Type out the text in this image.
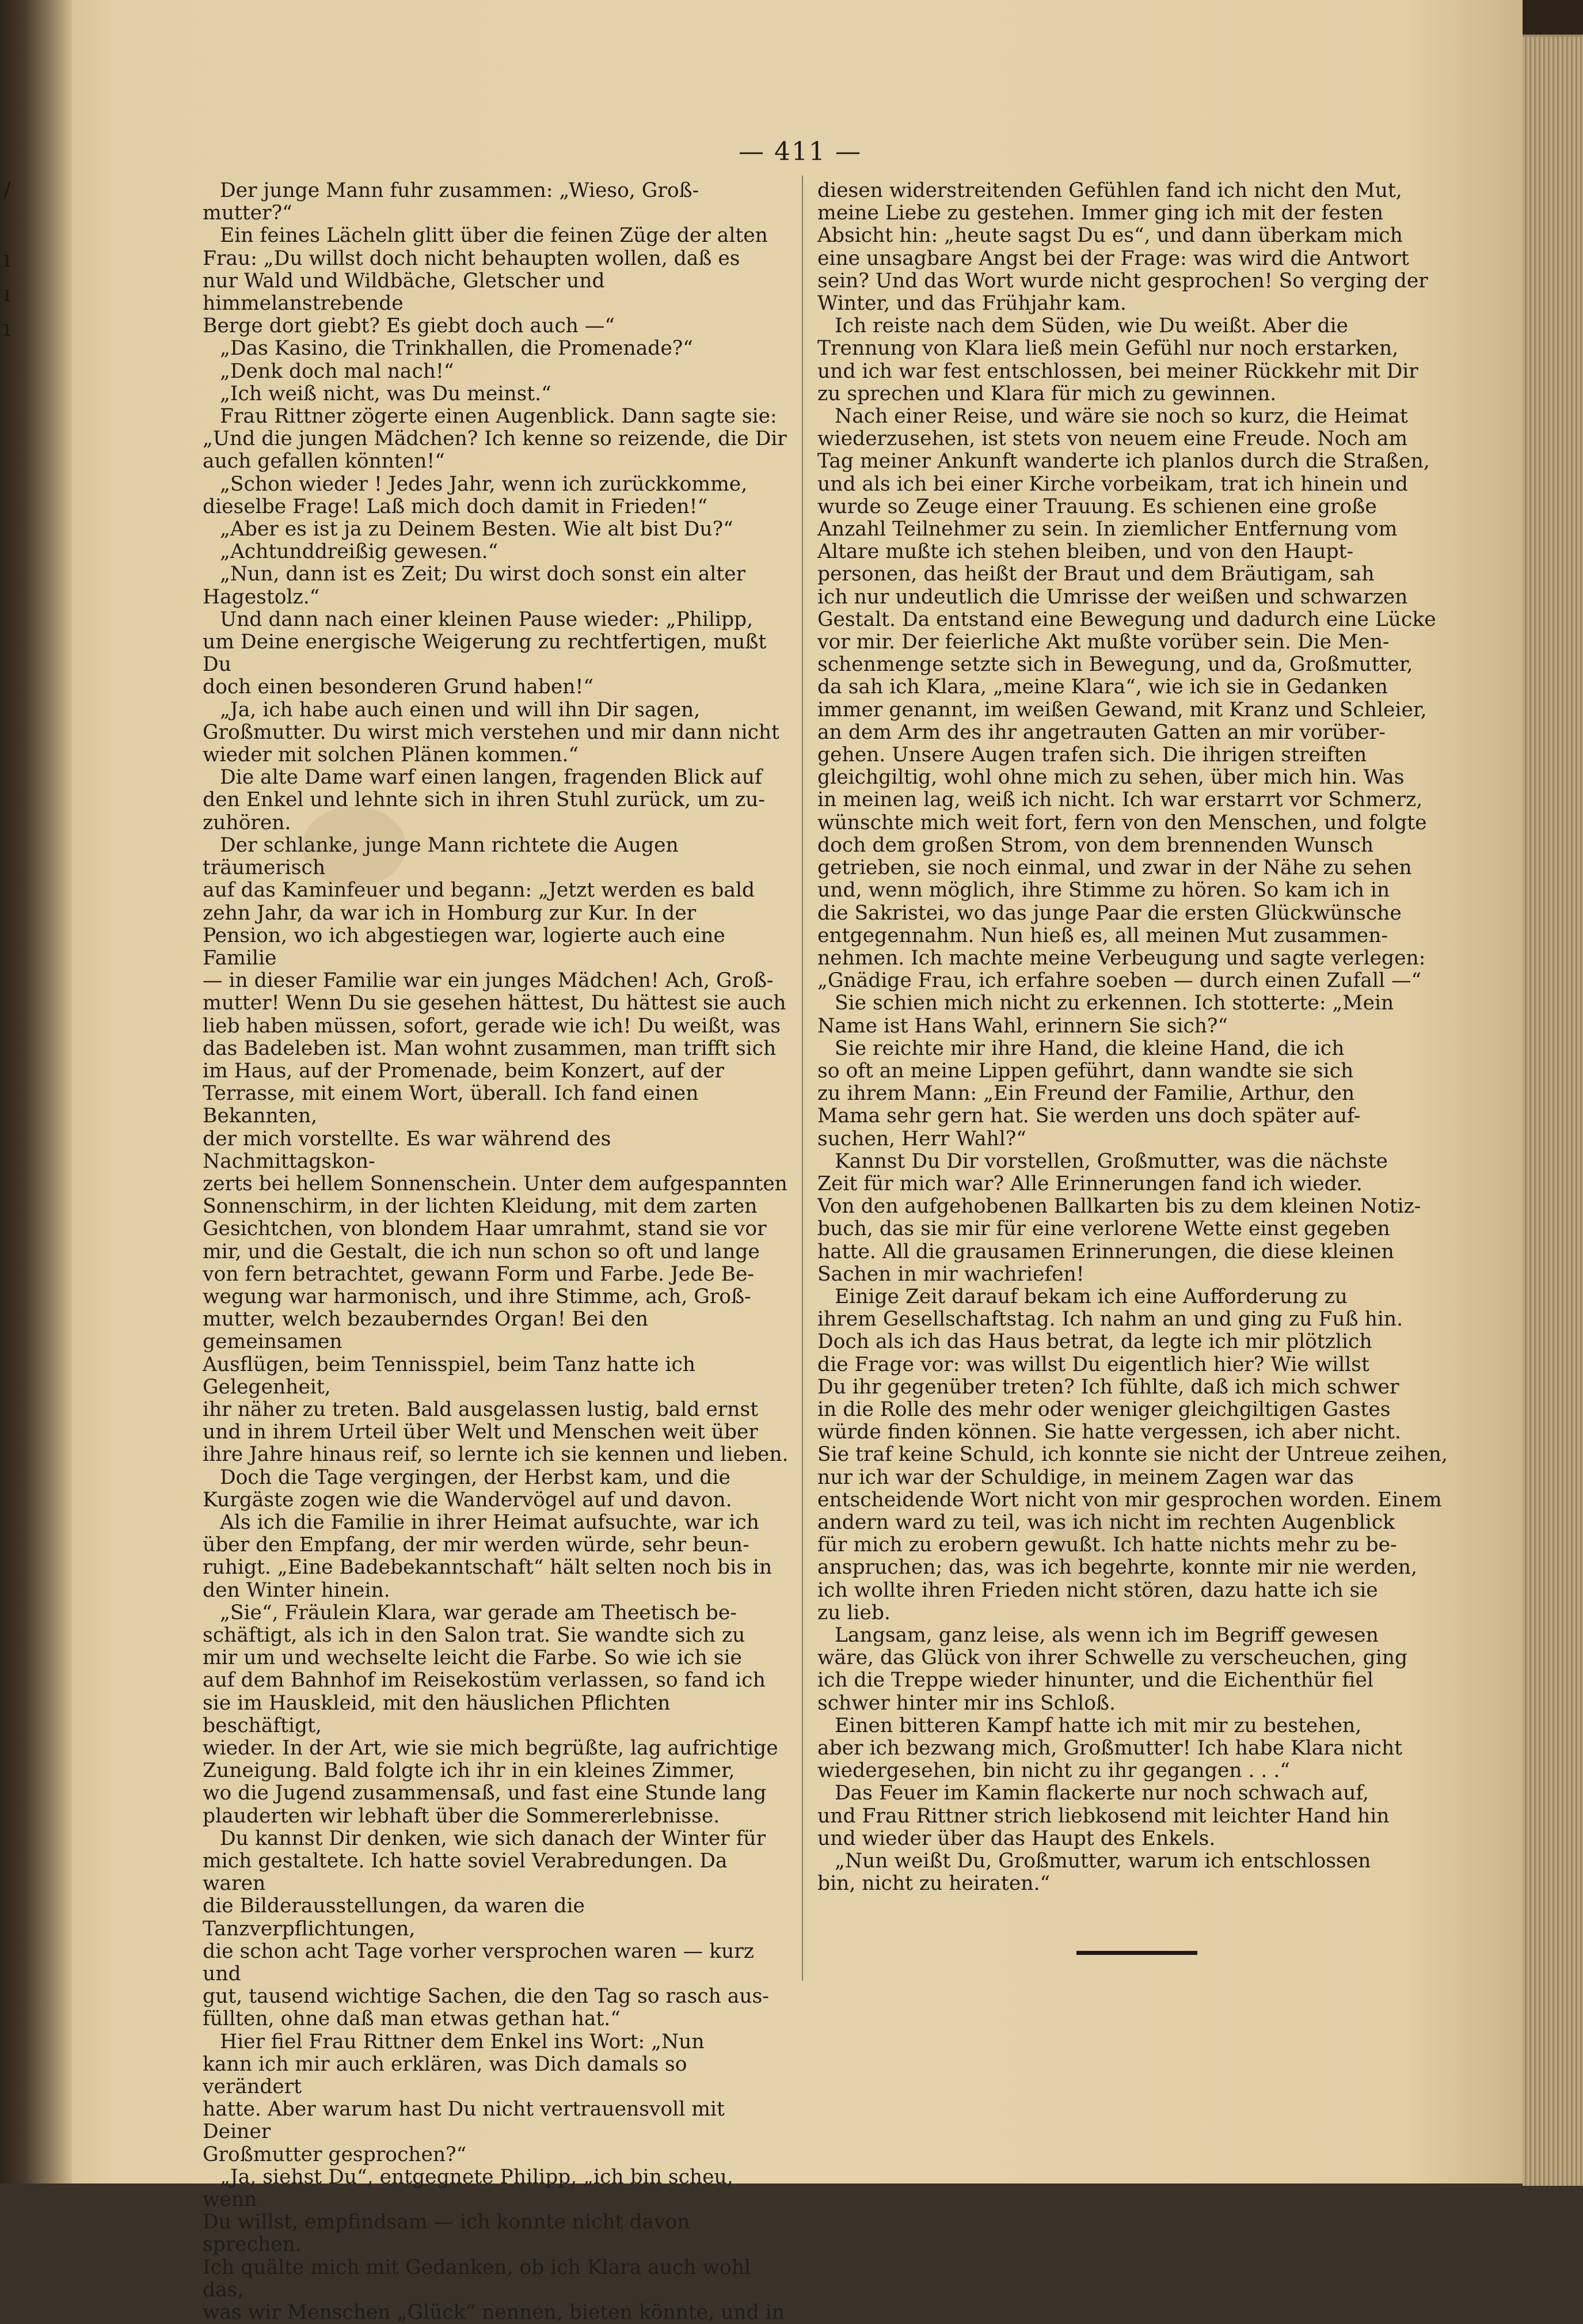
/

ı
ı
ı
— 411 —

Der junge Mann fuhr zusammen: „Wieso, Groß-
mutter?“

Ein feines Lächeln glitt über die feinen Züge der alten
Frau: „Du willst doch nicht behaupten wollen, daß es
nur Wald und Wildbäche, Gletscher und himmelanstrebende
Berge dort giebt? Es giebt doch auch —“

„Das Kasino, die Trinkhallen, die Promenade?“

„Denk doch mal nach!“

„Ich weiß nicht, was Du meinst.“

Frau Rittner zögerte einen Augenblick. Dann sagte sie:
„Und die jungen Mädchen? Ich kenne so reizende, die Dir
auch gefallen könnten!“

„Schon wieder ! Jedes Jahr, wenn ich zurückkomme,
dieselbe Frage! Laß mich doch damit in Frieden!“

„Aber es ist ja zu Deinem Besten. Wie alt bist Du?“

„Achtunddreißig gewesen.“

„Nun, dann ist es Zeit; Du wirst doch sonst ein alter
Hagestolz.“

Und dann nach einer kleinen Pause wieder: „Philipp,
um Deine energische Weigerung zu rechtfertigen, mußt Du
doch einen besonderen Grund haben!“

„Ja, ich habe auch einen und will ihn Dir sagen,
Großmutter. Du wirst mich verstehen und mir dann nicht
wieder mit solchen Plänen kommen.“

Die alte Dame warf einen langen, fragenden Blick auf
den Enkel und lehnte sich in ihren Stuhl zurück, um zu-
zuhören.

Der schlanke, junge Mann richtete die Augen träumerisch
auf das Kaminfeuer und begann: „Jetzt werden es bald
zehn Jahr, da war ich in Homburg zur Kur. In der
Pension, wo ich abgestiegen war, logierte auch eine Familie
— in dieser Familie war ein junges Mädchen! Ach, Groß-
mutter! Wenn Du sie gesehen hättest, Du hättest sie auch
lieb haben müssen, sofort, gerade wie ich! Du weißt, was
das Badeleben ist. Man wohnt zusammen, man trifft sich
im Haus, auf der Promenade, beim Konzert, auf der
Terrasse, mit einem Wort, überall. Ich fand einen Bekannten,
der mich vorstellte. Es war während des Nachmittagskon-
zerts bei hellem Sonnenschein. Unter dem aufgespannten
Sonnenschirm, in der lichten Kleidung, mit dem zarten
Gesichtchen, von blondem Haar umrahmt, stand sie vor
mir, und die Gestalt, die ich nun schon so oft und lange
von fern betrachtet, gewann Form und Farbe. Jede Be-
wegung war harmonisch, und ihre Stimme, ach, Groß-
mutter, welch bezauberndes Organ! Bei den gemeinsamen
Ausflügen, beim Tennisspiel, beim Tanz hatte ich Gelegenheit,
ihr näher zu treten. Bald ausgelassen lustig, bald ernst
und in ihrem Urteil über Welt und Menschen weit über
ihre Jahre hinaus reif, so lernte ich sie kennen und lieben.

Doch die Tage vergingen, der Herbst kam, und die
Kurgäste zogen wie die Wandervögel auf und davon.

Als ich die Familie in ihrer Heimat aufsuchte, war ich
über den Empfang, der mir werden würde, sehr beun-
ruhigt. „Eine Badebekanntschaft“ hält selten noch bis in
den Winter hinein.

„Sie“, Fräulein Klara, war gerade am Theetisch be-
schäftigt, als ich in den Salon trat. Sie wandte sich zu
mir um und wechselte leicht die Farbe. So wie ich sie
auf dem Bahnhof im Reisekostüm verlassen, so fand ich
sie im Hauskleid, mit den häuslichen Pflichten beschäftigt,
wieder. In der Art, wie sie mich begrüßte, lag aufrichtige
Zuneigung. Bald folgte ich ihr in ein kleines Zimmer,
wo die Jugend zusammensaß, und fast eine Stunde lang
plauderten wir lebhaft über die Sommererlebnisse.

Du kannst Dir denken, wie sich danach der Winter für
mich gestaltete. Ich hatte soviel Verabredungen. Da waren
die Bilderausstellungen, da waren die Tanzverpflichtungen,
die schon acht Tage vorher versprochen waren — kurz und
gut, tausend wichtige Sachen, die den Tag so rasch aus-
füllten, ohne daß man etwas gethan hat.“

Hier fiel Frau Rittner dem Enkel ins Wort: „Nun
kann ich mir auch erklären, was Dich damals so verändert
hatte. Aber warum hast Du nicht vertrauensvoll mit Deiner
Großmutter gesprochen?“

„Ja, siehst Du“, entgegnete Philipp, „ich bin scheu, wenn
Du willst, empfindsam — ich konnte nicht davon sprechen.
Ich quälte mich mit Gedanken, ob ich Klara auch wohl das,
was wir Menschen „Glück“ nennen, bieten könnte, und in

diesen widerstreitenden Gefühlen fand ich nicht den Mut,
meine Liebe zu gestehen. Immer ging ich mit der festen
Absicht hin: „heute sagst Du es“, und dann überkam mich
eine unsagbare Angst bei der Frage: was wird die Antwort
sein? Und das Wort wurde nicht gesprochen! So verging der
Winter, und das Frühjahr kam.

Ich reiste nach dem Süden, wie Du weißt. Aber die
Trennung von Klara ließ mein Gefühl nur noch erstarken,
und ich war fest entschlossen, bei meiner Rückkehr mit Dir
zu sprechen und Klara für mich zu gewinnen.

Nach einer Reise, und wäre sie noch so kurz, die Heimat
wiederzusehen, ist stets von neuem eine Freude. Noch am
Tag meiner Ankunft wanderte ich planlos durch die Straßen,
und als ich bei einer Kirche vorbeikam, trat ich hinein und
wurde so Zeuge einer Trauung. Es schienen eine große
Anzahl Teilnehmer zu sein. In ziemlicher Entfernung vom
Altare mußte ich stehen bleiben, und von den Haupt-
personen, das heißt der Braut und dem Bräutigam, sah
ich nur undeutlich die Umrisse der weißen und schwarzen
Gestalt. Da entstand eine Bewegung und dadurch eine Lücke
vor mir. Der feierliche Akt mußte vorüber sein. Die Men-
schenmenge setzte sich in Bewegung, und da, Großmutter,
da sah ich Klara, „meine Klara“, wie ich sie in Gedanken
immer genannt, im weißen Gewand, mit Kranz und Schleier,
an dem Arm des ihr angetrauten Gatten an mir vorüber-
gehen. Unsere Augen trafen sich. Die ihrigen streiften
gleichgiltig, wohl ohne mich zu sehen, über mich hin. Was
in meinen lag, weiß ich nicht. Ich war erstarrt vor Schmerz,
wünschte mich weit fort, fern von den Menschen, und folgte
doch dem großen Strom, von dem brennenden Wunsch
getrieben, sie noch einmal, und zwar in der Nähe zu sehen
und, wenn möglich, ihre Stimme zu hören. So kam ich in
die Sakristei, wo das junge Paar die ersten Glückwünsche
entgegennahm. Nun hieß es, all meinen Mut zusammen-
nehmen. Ich machte meine Verbeugung und sagte verlegen:
„Gnädige Frau, ich erfahre soeben — durch einen Zufall —“

Sie schien mich nicht zu erkennen. Ich stotterte: „Mein
Name ist Hans Wahl, erinnern Sie sich?“

Sie reichte mir ihre Hand, die kleine Hand, die ich
so oft an meine Lippen geführt, dann wandte sie sich
zu ihrem Mann: „Ein Freund der Familie, Arthur, den
Mama sehr gern hat. Sie werden uns doch später auf-
suchen, Herr Wahl?“

Kannst Du Dir vorstellen, Großmutter, was die nächste
Zeit für mich war? Alle Erinnerungen fand ich wieder.
Von den aufgehobenen Ballkarten bis zu dem kleinen Notiz-
buch, das sie mir für eine verlorene Wette einst gegeben
hatte. All die grausamen Erinnerungen, die diese kleinen
Sachen in mir wachriefen!

Einige Zeit darauf bekam ich eine Aufforderung zu
ihrem Gesellschaftstag. Ich nahm an und ging zu Fuß hin.
Doch als ich das Haus betrat, da legte ich mir plötzlich
die Frage vor: was willst Du eigentlich hier? Wie willst
Du ihr gegenüber treten? Ich fühlte, daß ich mich schwer
in die Rolle des mehr oder weniger gleichgiltigen Gastes
würde finden können. Sie hatte vergessen, ich aber nicht.
Sie traf keine Schuld, ich konnte sie nicht der Untreue zeihen,
nur ich war der Schuldige, in meinem Zagen war das
entscheidende Wort nicht von mir gesprochen worden. Einem
andern ward zu teil, was ich nicht im rechten Augenblick
für mich zu erobern gewußt. Ich hatte nichts mehr zu be-
anspruchen; das, was ich begehrte, konnte mir nie werden,
ich wollte ihren Frieden nicht stören, dazu hatte ich sie
zu lieb.

Langsam, ganz leise, als wenn ich im Begriff gewesen
wäre, das Glück von ihrer Schwelle zu verscheuchen, ging
ich die Treppe wieder hinunter, und die Eichenthür fiel
schwer hinter mir ins Schloß.

Einen bitteren Kampf hatte ich mit mir zu bestehen,
aber ich bezwang mich, Großmutter! Ich habe Klara nicht
wiedergesehen, bin nicht zu ihr gegangen . . .“

Das Feuer im Kamin flackerte nur noch schwach auf,
und Frau Rittner strich liebkosend mit leichter Hand hin
und wieder über das Haupt des Enkels.

„Nun weißt Du, Großmutter, warum ich entschlossen
bin, nicht zu heiraten.“
